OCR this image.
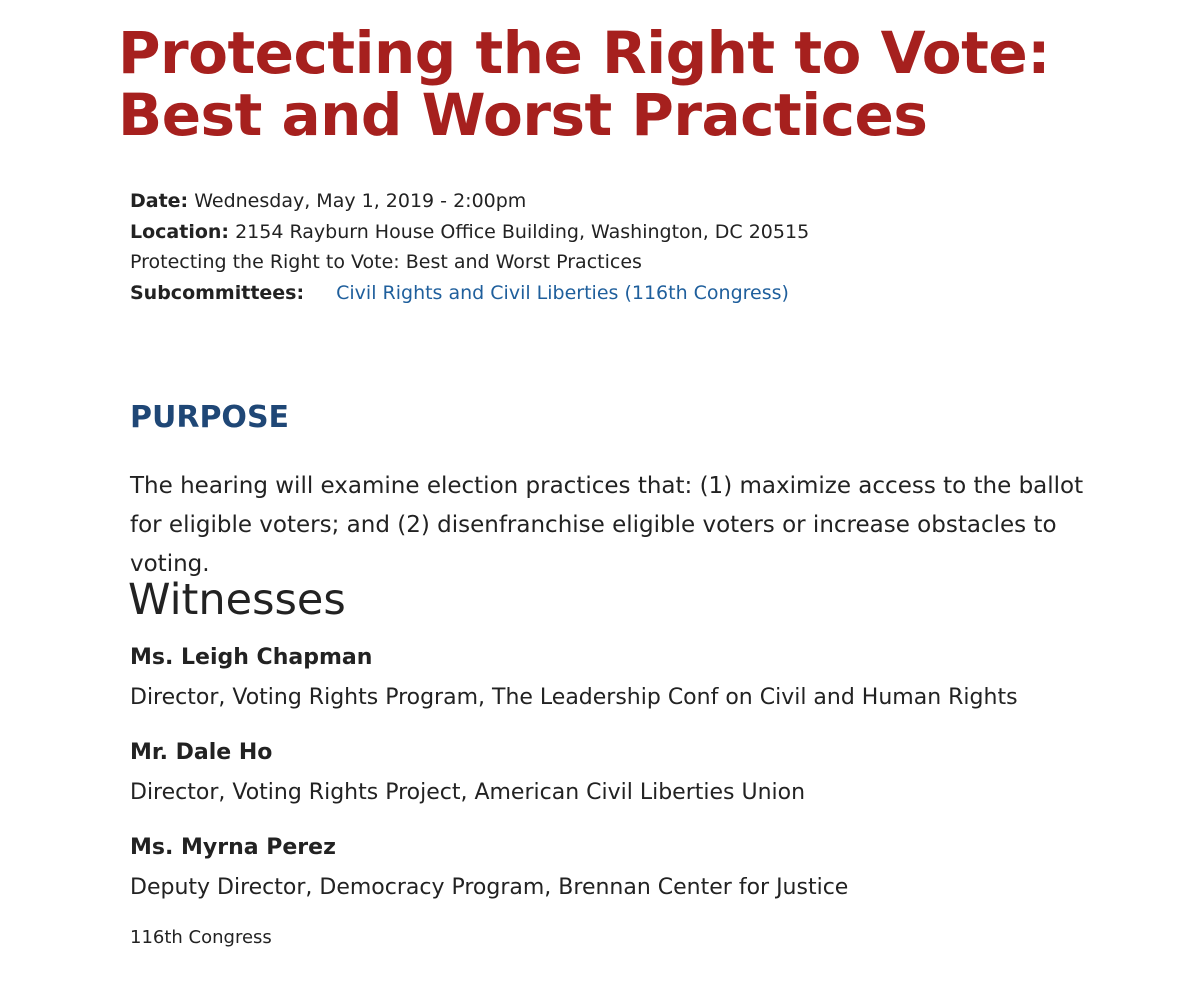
Protecting the Right to Vote:
Best and Worst Practices
Date: Wednesday, May 1, 2019 - 2:00pm
Location: 2154 Rayburn House Office Building, Washington, DC 20515
Protecting the Right to Vote: Best and Worst Practices
Subcommittees: Civil Rights and Civil Liberties (116th Congress)
PURPOSE

The hearing will examine election practices that: (1) maximize access to the ballot for eligible voters; and (2) disenfranchise eligible voters or increase obstacles to voting.

Witnesses
Ms. Leigh Chapman
Director, Voting Rights Program, The Leadership Conf on Civil and Human Rights
Mr. Dale Ho
Director, Voting Rights Project, American Civil Liberties Union
Ms. Myrna Perez
Deputy Director, Democracy Program, Brennan Center for Justice
116th Congress
